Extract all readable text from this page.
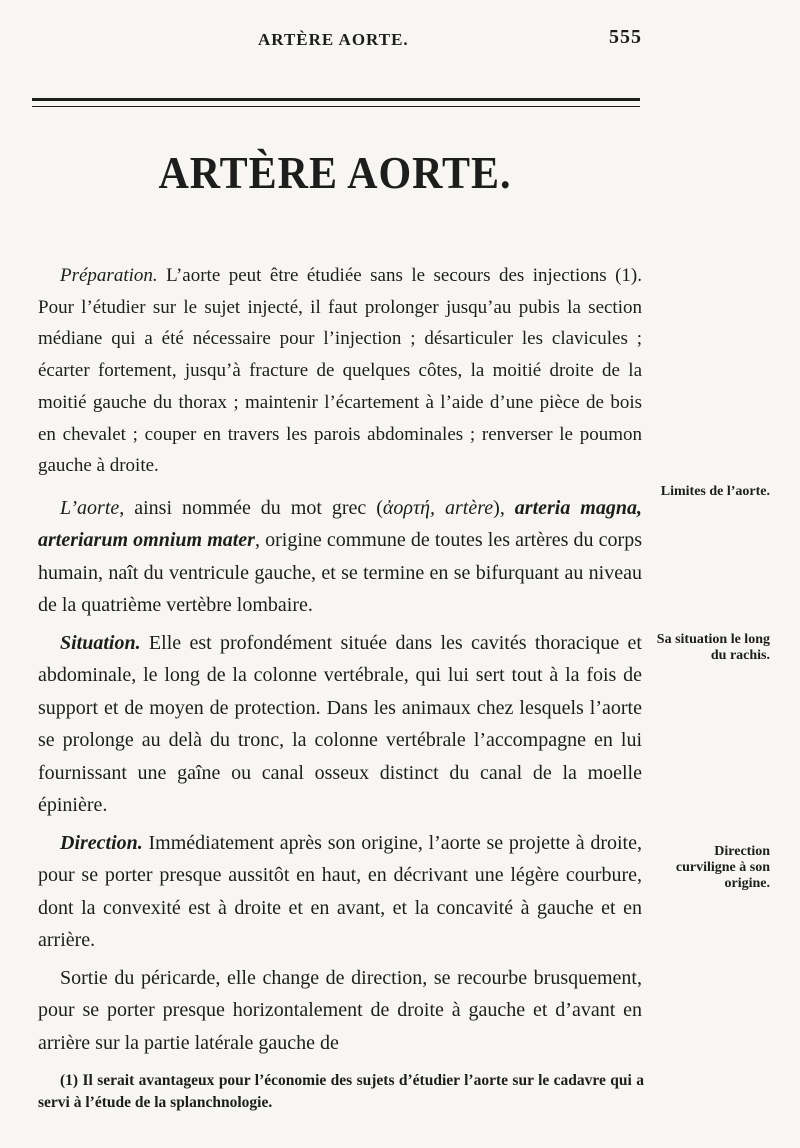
ARTÈRE AORTE.	555
ARTÈRE AORTE.

Préparation. L’aorte peut être étudiée sans le secours des injections (1). Pour l’étudier sur le sujet injecté, il faut prolonger jusqu’au pubis la section médiane qui a été nécessaire pour l’injection ; désarticuler les clavicules ; écarter fortement, jusqu’à fracture de quelques côtes, la moitié droite de la moitié gauche du thorax ; maintenir l’écartement à l’aide d’une pièce de bois en chevalet ; couper en travers les parois abdominales ; renverser le poumon gauche à droite.

L’aorte, ainsi nommée du mot grec (ἀορτή, artère), arteria magna, arteriarum omnium mater, origine commune de toutes les artères du corps humain, naît du ventricule gauche, et se termine en se bifurquant au niveau de la quatrième vertèbre lombaire.

Situation. Elle est profondément située dans les cavités thoracique et abdominale, le long de la colonne vertébrale, qui lui sert tout à la fois de support et de moyen de protection. Dans les animaux chez lesquels l’aorte se prolonge au delà du tronc, la colonne vertébrale l’accompagne en lui fournissant une gaîne ou canal osseux distinct du canal de la moelle épinière.

Direction. Immédiatement après son origine, l’aorte se projette à droite, pour se porter presque aussitôt en haut, en décrivant une légère courbure, dont la convexité est à droite et en avant, et la concavité à gauche et en arrière.

Sortie du péricarde, elle change de direction, se recourbe brusquement, pour se porter presque horizontalement de droite à gauche et d’avant en arrière sur la partie latérale gauche de

Limites de l’aorte.
Sa situation le long du rachis.
Direction curviligne à son origine.
(1) Il serait avantageux pour l’économie des sujets d’étudier l’aorte sur le cadavre qui a servi à l’étude de la splanchnologie.
